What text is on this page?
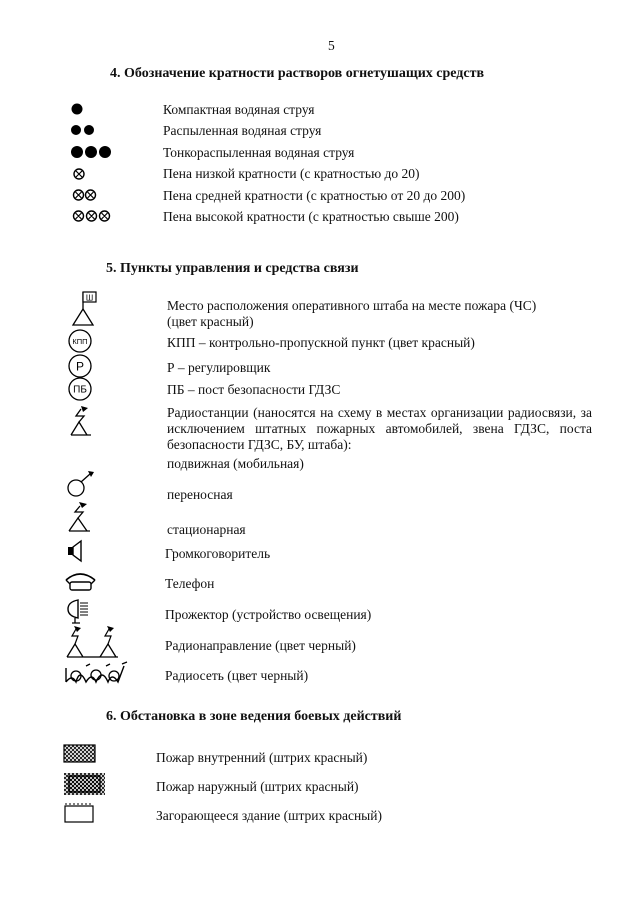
5
4. Обозначение кратности растворов огнетушащих средств
Компактная водяная струя
Распыленная водяная струя
Тонкораспыленная водяная струя
Пена низкой кратности (с кратностью до 20)
Пена средней кратности (с кратностью от 20 до 200)
Пена высокой кратности (с кратностью свыше 200)
5. Пункты управления и средства связи
Ш	Место расположения оперативного штаба на месте пожара (ЧС)
(цвет красный)
КПП	КПП – контрольно-пропускной пункт (цвет красный)
Р	Р – регулировщик
ПБ	ПБ – пост безопасности ГДЗС
Радиостанции (наносятся на схему в местах организации радиосвязи, за исключением штатных пожарных автомобилей, звена ГДЗС, поста безопасности ГДЗС, БУ, штаба):
подвижная (мобильная)
переносная
стационарная
Громкоговоритель
Телефон
Прожектор (устройство освещения)
Радионаправление (цвет черный)
Радиосеть (цвет черный)
6. Обстановка в зоне ведения боевых действий
Пожар внутренний (штрих красный)
Пожар наружный (штрих красный)
Загорающееся здание (штрих красный)
